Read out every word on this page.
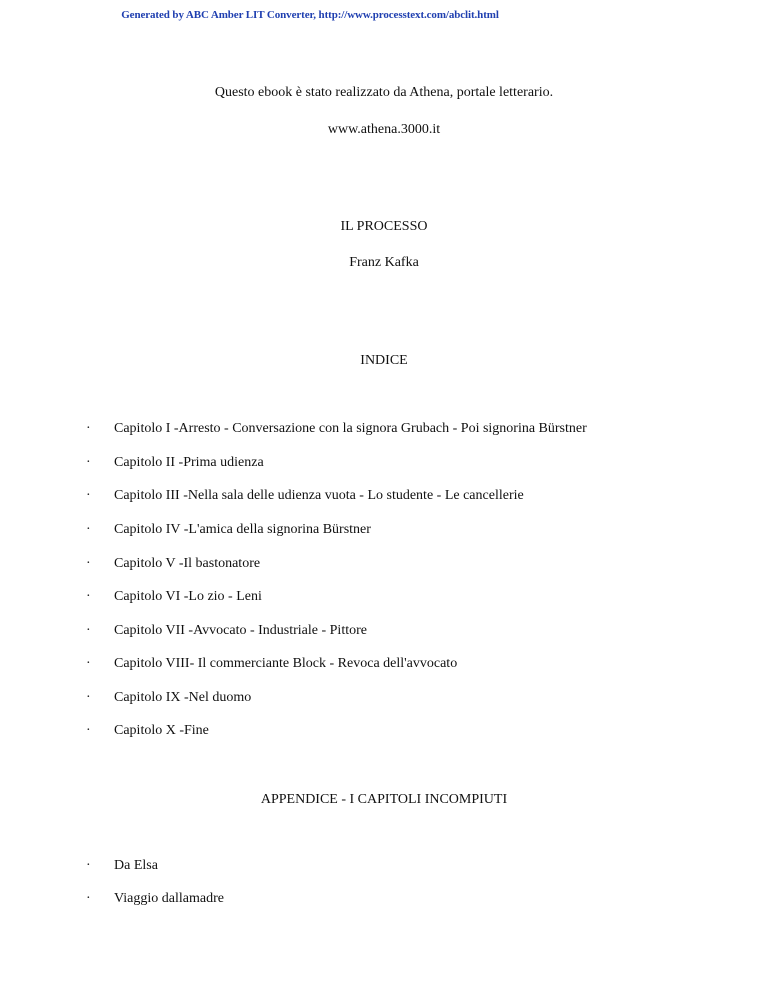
Generated by ABC Amber LIT Converter, http://www.processtext.com/abclit.html
Questo ebook è stato realizzato da Athena, portale letterario.
www.athena.3000.it
IL PROCESSO
Franz Kafka
INDICE
· Capitolo I -Arresto - Conversazione con la signora Grubach - Poi signorina Bürstner
· Capitolo II -Prima udienza
· Capitolo III -Nella sala delle udienza vuota - Lo studente - Le cancellerie
· Capitolo IV -L'amica della signorina Bürstner
· Capitolo V -Il bastonatore
· Capitolo VI -Lo zio - Leni
· Capitolo VII -Avvocato - Industriale - Pittore
· Capitolo VIII- Il commerciante Block - Revoca dell'avvocato
· Capitolo IX -Nel duomo
· Capitolo X -Fine
APPENDICE - I CAPITOLI INCOMPIUTI
· Da Elsa
· Viaggio dallamadre
